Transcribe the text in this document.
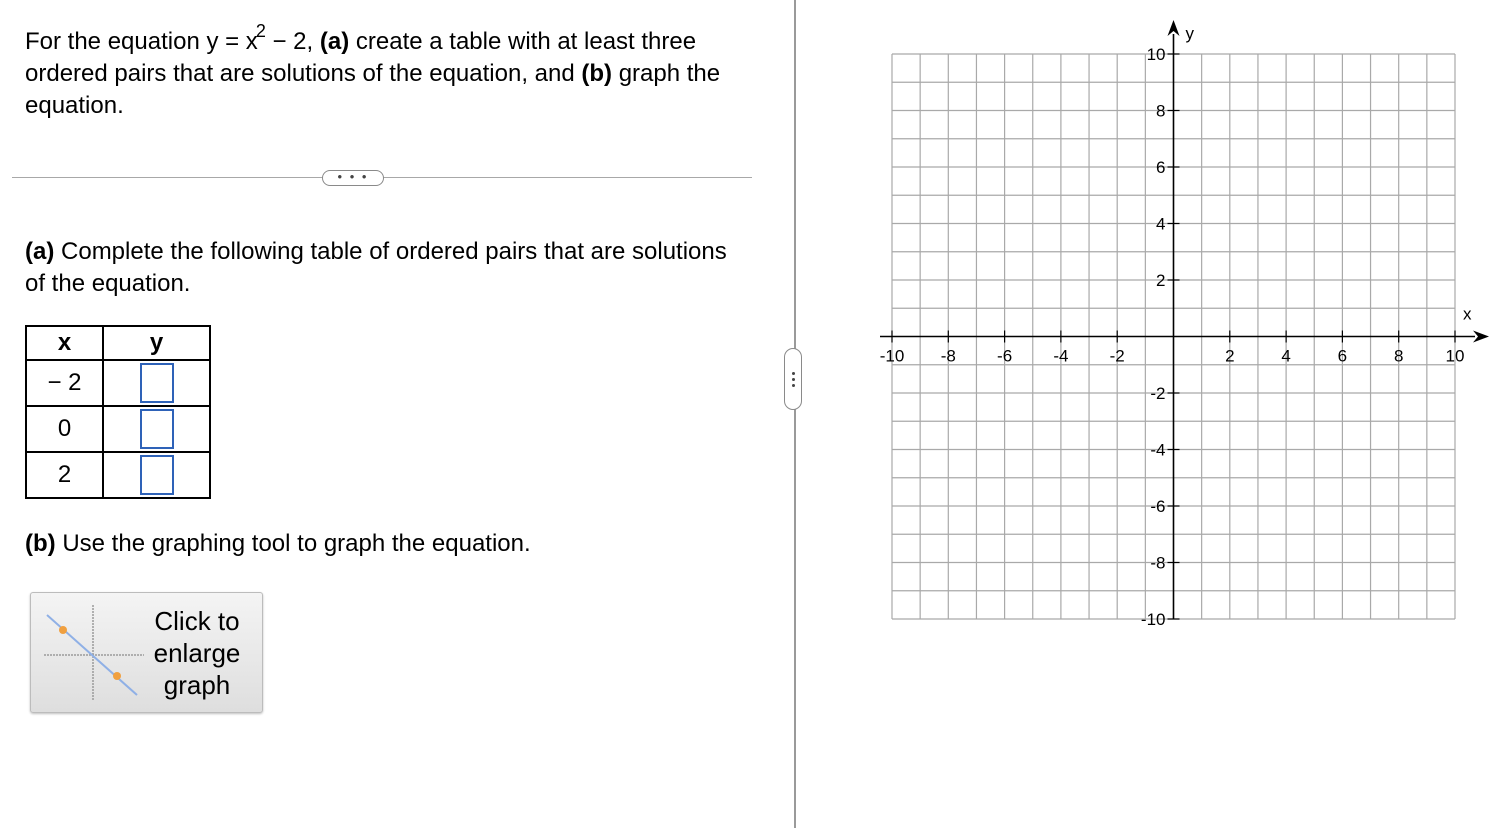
For the equation $y = x^2 - 2$, (a) create a table with at least three ordered pairs that are solutions of the equation, and (b) graph the equation.
• • •
(a) Complete the following table of ordered pairs that are solutions of the equation.
x	y
− 2	
0	
2	
(b) Use the graphing tool to graph the equation.
Click to
enlarge
graph
x
y
-10 -8 -6 -4 -2	2	4	6	8 10
10
8
6
4
2
-2
-4
-6
-8
-10
